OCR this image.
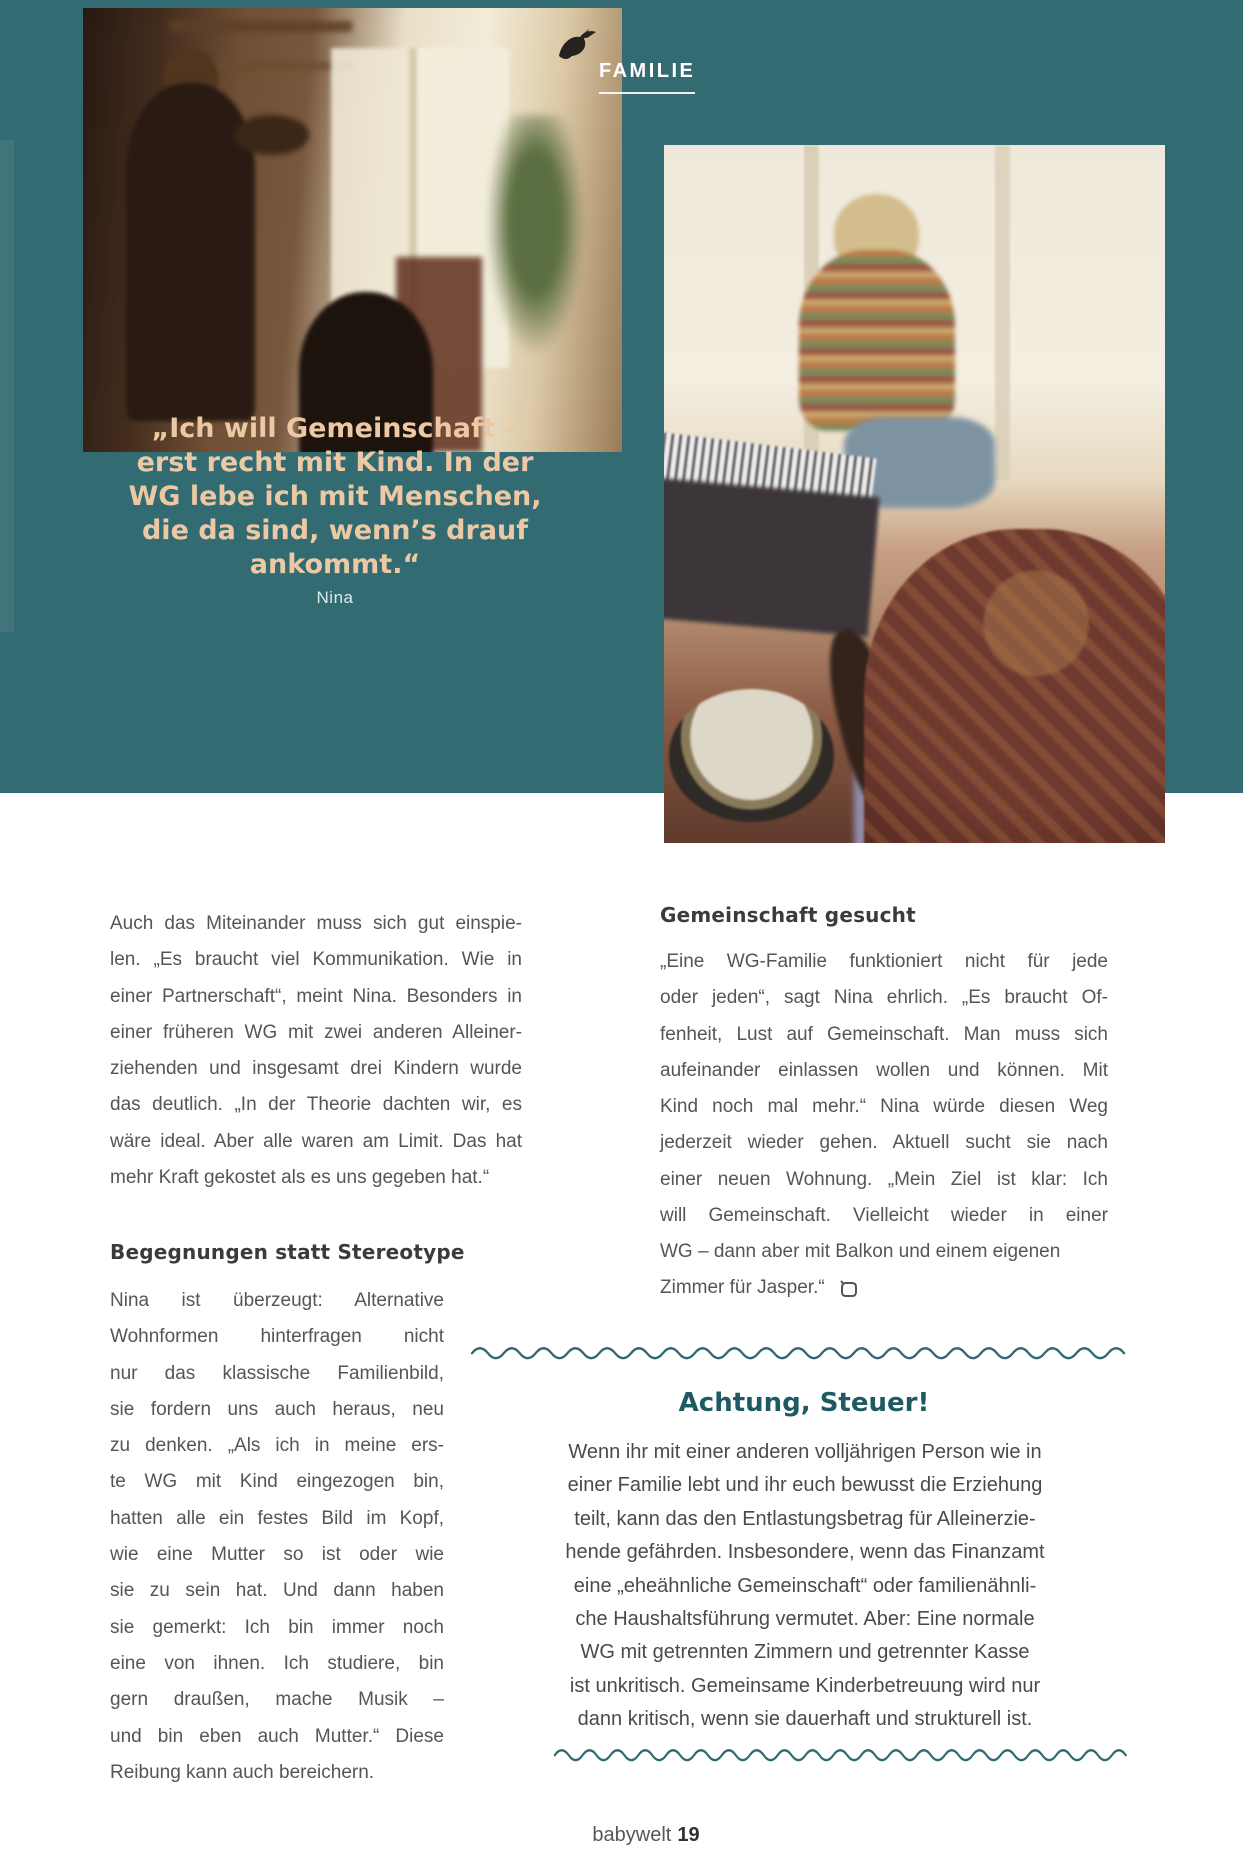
FAMILIE
„Ich will Gemeinschaft –
erst recht mit Kind. In der
WG lebe ich mit Menschen,
die da sind, wenn’s drauf
ankommt.“
Nina
Auch das Miteinander muss sich gut einspie-
len. „Es braucht viel Kommunikation. Wie in
einer Partnerschaft“, meint Nina. Besonders in
einer früheren WG mit zwei anderen Alleiner-
ziehenden und insgesamt drei Kindern wurde
das deutlich. „In der Theorie dachten wir, es
wäre ideal. Aber alle waren am Limit. Das hat
mehr Kraft gekostet als es uns gegeben hat.“
Begegnungen statt Stereotype
Nina ist überzeugt: Alternative
Wohnformen hinterfragen nicht
nur das klassische Familienbild,
sie fordern uns auch heraus, neu
zu denken. „Als ich in meine ers-
te WG mit Kind eingezogen bin,
hatten alle ein festes Bild im Kopf,
wie eine Mutter so ist oder wie
sie zu sein hat. Und dann haben
sie gemerkt: Ich bin immer noch
eine von ihnen. Ich studiere, bin
gern draußen, mache Musik –
und bin eben auch Mutter.“ Diese
Reibung kann auch bereichern.
Gemeinschaft gesucht
„Eine WG-Familie funktioniert nicht für jede
oder jeden“, sagt Nina ehrlich. „Es braucht Of-
fenheit, Lust auf Gemeinschaft. Man muss sich
aufeinander einlassen wollen und können. Mit
Kind noch mal mehr.“ Nina würde diesen Weg
jederzeit wieder gehen. Aktuell sucht sie nach
einer neuen Wohnung. „Mein Ziel ist klar: Ich
will Gemeinschaft. Vielleicht wieder in einer
WG – dann aber mit Balkon und einem eigenen
Zimmer für Jasper.“
Achtung, Steuer!
Wenn ihr mit einer anderen volljährigen Person wie in
einer Familie lebt und ihr euch bewusst die Erziehung
teilt, kann das den Entlastungsbetrag für Alleinerzie-
hende gefährden. Insbesondere, wenn das Finanzamt
eine „eheähnliche Gemeinschaft“ oder familienähnli-
che Haushaltsführung vermutet. Aber: Eine normale
WG mit getrennten Zimmern und getrennter Kasse
ist unkritisch. Gemeinsame Kinderbetreuung wird nur
dann kritisch, wenn sie dauerhaft und strukturell ist.
babywelt 19
